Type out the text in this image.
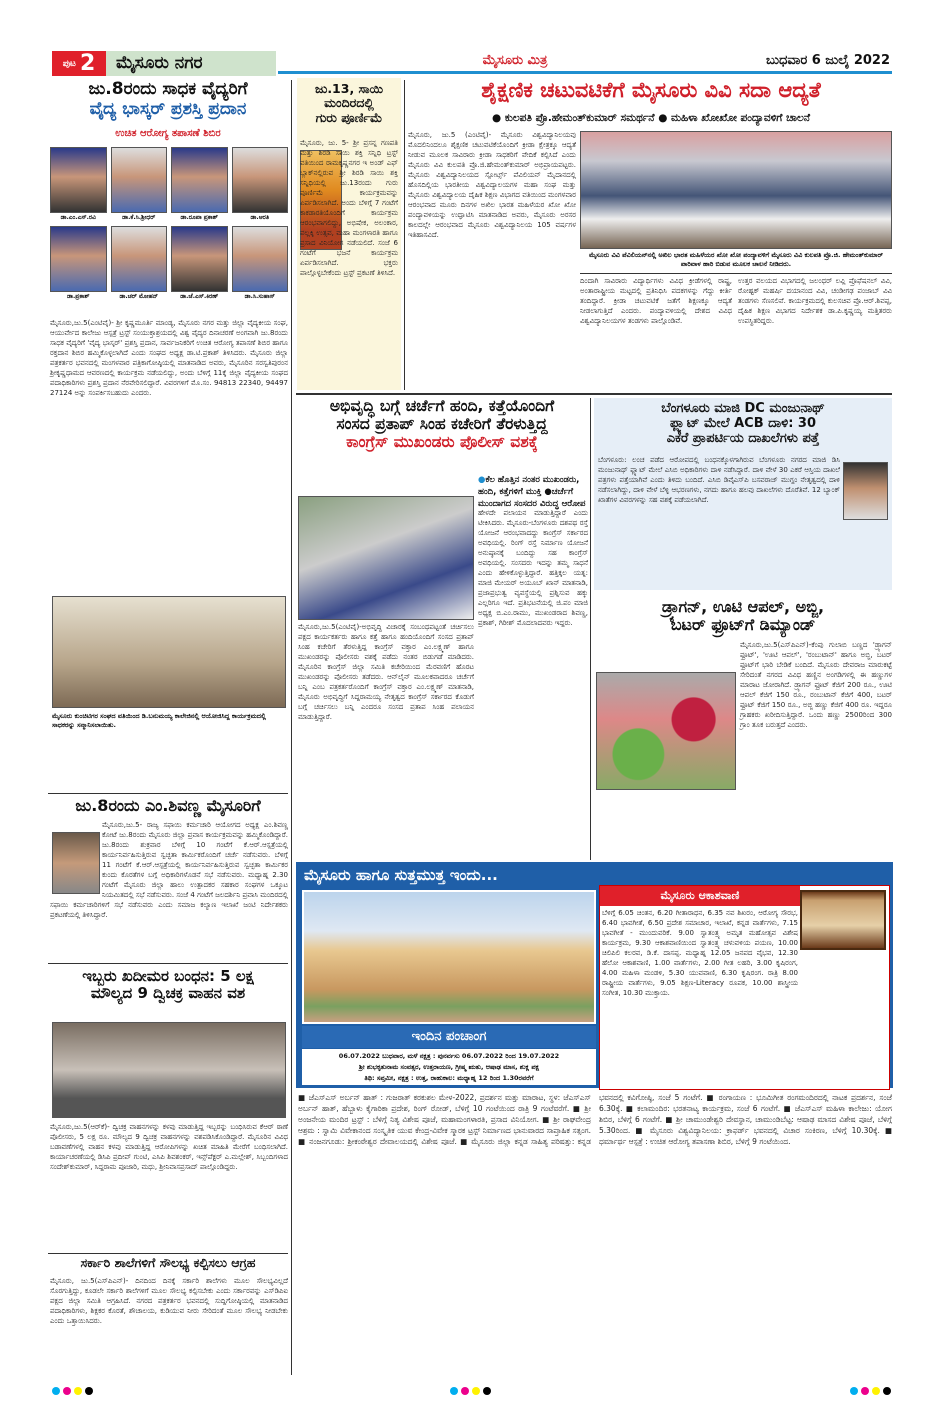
ಪುಟ 2	ಮೈಸೂರು ನಗರ	ಮೈಸೂರು ಮಿತ್ರ	ಬುಧವಾರ 6 ಜುಲೈ 2022
ಜು.8ರಂದು ಸಾಧಕ ವೈದ್ಯರಿಗೆ
ವೈದ್ಯ ಭಾಸ್ಕರ್ ಪ್ರಶಸ್ತಿ ಪ್ರದಾನ
ಉಚಿತ ಆರೋಗ್ಯ ತಪಾಸಣೆ ಶಿಬಿರ
ಡಾ.ಎಂ.ಎಸ್.ರವಿ	ಡಾ.ಕೆ.ಸಿ.ಶ್ರೀಧರ್	ಡಾ.ರೂಪಾ ಪ್ರಕಾಶ್	ಡಾ.ಆರತಿ
ಡಾ.ಪ್ರಕಾಶ್	ಡಾ.ಚರ್ ಮೋಹನ್	ಡಾ.ಜೆ.ಎಸ್.ಕಿರಣ್	ಡಾ.ಸಿ.ಸುಹಾಸ್
ಮೈಸೂರು,ಜು.5(ಎಂಟಿವೈ)- ಶ್ರೀ ಕೃಷ್ಣಮೂರ್ತಿ ಮಾಂಡ್ಯ, ಮೈಸೂರು ನಗರ ಮತ್ತು ಜಿಲ್ಲಾ ವೈದ್ಯಕೀಯ ಸಂಘ, ಆಯುರ್ವೇದ ಕಾಲೇಜು ಆಸ್ಪತ್ರೆ ಟ್ರಸ್ಟ್ ಸಂಯುಕ್ತಾಶ್ರಯದಲ್ಲಿ ವಿಶ್ವ ವೈದ್ಯರ ದಿನಾಚರಣೆ ಅಂಗವಾಗಿ ಜು.8ರಂದು ಸಾಧಕ ವೈದ್ಯರಿಗೆ 'ವೈದ್ಯ ಭಾಸ್ಕರ್' ಪ್ರಶಸ್ತಿ ಪ್ರದಾನ, ಸಾರ್ವಜನಿಕರಿಗೆ ಉಚಿತ ಆರೋಗ್ಯ ತಪಾಸಣೆ ಶಿಬಿರ ಹಾಗೂ ರಕ್ತದಾನ ಶಿಬಿರ ಹಮ್ಮಿಕೊಳ್ಳಲಾಗಿದೆ ಎಂದು ಸಂಘದ ಅಧ್ಯಕ್ಷ ಡಾ.ಟಿ.ಪ್ರಕಾಶ್ ತಿಳಿಸಿದರು. ಮೈಸೂರು ಜಿಲ್ಲಾ ಪತ್ರಕರ್ತರ ಭವನದಲ್ಲಿ ಮಂಗಳವಾರ ಪತ್ರಿಕಾಗೋಷ್ಠಿಯಲ್ಲಿ ಮಾತನಾಡಿದ ಅವರು, ಮೈಸೂರಿನ ಸರಸ್ವತಿಪುರಂನ ಶ್ರೀಕೃಷ್ಣಧಾಮದ ಆವರಣದಲ್ಲಿ ಕಾರ್ಯಕ್ರಮ ನಡೆಯಲಿದ್ದು, ಅಂದು ಬೆಳಿಗ್ಗೆ 11ಕ್ಕೆ ಜಿಲ್ಲಾ ವೈದ್ಯಕೀಯ ಸಂಘದ ಪದಾಧಿಕಾರಿಗಳು ಪ್ರಶಸ್ತಿ ಪ್ರದಾನ ನೆರವೇರಿಸಲಿದ್ದಾರೆ. ವಿವರಗಳಿಗೆ ಮೊ.ಸಂ. 94813 22340, 94497 27124 ಅನ್ನು ಸಂಪರ್ಕಿಸಬಹುದು ಎಂದರು.
ಮೈಸೂರು ಕುಂಚಿಟಿಗರ ಸಂಘದ ವತಿಯಿಂದ ಡಿ.ಬನುಮಯ್ಯ ಕಾಲೇಜಿನಲ್ಲಿ ಆಯೋಜಿಸಿದ್ದ ಕಾರ್ಯಕ್ರಮದಲ್ಲಿ ಸಾಧಕರನ್ನು ಸನ್ಮಾನಿಸಲಾಯಿತು.
ಜು.8ರಂದು ಎಂ.ಶಿವಣ್ಣ ಮೈಸೂರಿಗೆ
ಮೈಸೂರು,ಜು.5- ರಾಜ್ಯ ಸಫಾಯಿ ಕರ್ಮಚಾರಿ ಆಯೋಗದ ಅಧ್ಯಕ್ಷ ಎಂ.ಶಿವಣ್ಣ ಕೋಟೆ ಜು.8ರಂದು ಮೈಸೂರು ಜಿಲ್ಲಾ ಪ್ರವಾಸ ಕಾರ್ಯಕ್ರಮವನ್ನು ಹಮ್ಮಿಕೊಂಡಿದ್ದಾರೆ. ಜು.8ರಂದು ಶುಕ್ರವಾರ ಬೆಳಿಗ್ಗೆ 10 ಗಂಟೆಗೆ ಕೆ.ಆರ್.ಆಸ್ಪತ್ರೆಯಲ್ಲಿ ಕಾರ್ಯನಿರ್ವಹಿಸುತ್ತಿರುವ ಸ್ವಚ್ಛತಾ ಕಾರ್ಮಿಕರೊಂದಿಗೆ ಚರ್ಚೆ ನಡೆಸುವರು. ಬೆಳಿಗ್ಗೆ 11 ಗಂಟೆಗೆ ಕೆ.ಆರ್.ಆಸ್ಪತ್ರೆಯಲ್ಲಿ ಕಾರ್ಯನಿರ್ವಹಿಸುತ್ತಿರುವ ಸ್ವಚ್ಛತಾ ಕಾರ್ಮಿಕರ ಕುಂದು ಕೊರತೆಗಳ ಬಗ್ಗೆ ಅಧಿಕಾರಿಗಳೊಡನೆ ಸಭೆ ನಡೆಸುವರು. ಮಧ್ಯಾಹ್ನ 2.30 ಗಂಟೆಗೆ ಮೈಸೂರು ಜಿಲ್ಲಾ ಹಾಲು ಉತ್ಪಾದಕರ ಸಹಕಾರ ಸಂಘಗಳ ಒಕ್ಕೂಟ ನಿಯಮಿತದಲ್ಲಿ ಸಭೆ ನಡೆಸುವರು. ಸಂಜೆ 4 ಗಂಟೆಗೆ ಜಲದರ್ಶಿನಿ ಪ್ರವಾಸಿ ಮಂದಿರದಲ್ಲಿ ಸಫಾಯಿ ಕರ್ಮಚಾರಿಗಳಿಗೆ ಸಭೆ ನಡೆಸುವರು ಎಂದು ಸಮಾಜ ಕಲ್ಯಾಣ ಇಲಾಖೆ ಜಂಟಿ ನಿರ್ದೇಶಕರು ಪ್ರಕಟಣೆಯಲ್ಲಿ ತಿಳಿಸಿದ್ದಾರೆ.
ಇಬ್ಬರು ಖದೀಮರ ಬಂಧನ: 5 ಲಕ್ಷ
ಮೌಲ್ಯದ 9 ದ್ವಿಚಕ್ರ ವಾಹನ ವಶ
ಮೈಸೂರು,ಜು.5(ಆರ್‌ಕೆ)- ದ್ವಿಚಕ್ರ ವಾಹನಗಳನ್ನು ಕಳವು ಮಾಡುತ್ತಿದ್ದ ಇಬ್ಬರನ್ನು ಬಂಧಿಸಿರುವ ಕೆಆರ್ ಠಾಣೆ ಪೊಲೀಸರು, 5 ಲಕ್ಷ ರೂ. ಮೌಲ್ಯದ 9 ದ್ವಿಚಕ್ರ ವಾಹನಗಳನ್ನು ವಶಪಡಿಸಿಕೊಂಡಿದ್ದಾರೆ. ಮೈಸೂರಿನ ವಿವಿಧ ಬಡಾವಣೆಗಳಲ್ಲಿ ವಾಹನ ಕಳವು ಮಾಡುತ್ತಿದ್ದ ಆರೋಪಿಗಳನ್ನು ಖಚಿತ ಮಾಹಿತಿ ಮೇರೆಗೆ ಬಂಧಿಸಲಾಗಿದೆ. ಕಾರ್ಯಾಚರಣೆಯಲ್ಲಿ ಡಿಸಿಪಿ ಪ್ರದೀಪ್ ಗುಂಟಿ, ಎಸಿಪಿ ಶಿವಶಂಕರ್, ಇನ್ಸ್‌ಪೆಕ್ಟರ್ ಎ.ಮಲ್ಲೇಶ್, ಸಿಬ್ಬಂದಿಗಳಾದ ಸಂದೇಶ್‌ಕುಮಾರ್, ಸಿದ್ದರಾಮ ಪೂಜಾರಿ, ಮಧು, ಶ್ರೀನಿವಾಸಪ್ರಸಾದ್ ಪಾಲ್ಗೊಂಡಿದ್ದರು.
ಸರ್ಕಾರಿ ಶಾಲೆಗಳಿಗೆ ಸೌಲಭ್ಯ ಕಲ್ಪಿಸಲು ಆಗ್ರಹ
ಮೈಸೂರು, ಜು.5(ಎಸ್‌ಪಿಎನ್)- ದಿನದಿಂದ ದಿನಕ್ಕೆ ಸರ್ಕಾರಿ ಶಾಲೆಗಳು ಮೂಲ ಸೌಲಭ್ಯವಿಲ್ಲದೆ ಸೊರಗುತ್ತಿದ್ದು, ಕೂಡಲೇ ಸರ್ಕಾರಿ ಶಾಲೆಗಳಿಗೆ ಮೂಲ ಸೌಲಭ್ಯ ಕಲ್ಪಿಸಬೇಕು ಎಂದು ಸರ್ಕಾರವನ್ನು ಎಸ್‌ಡಿಪಿಐ ಪಕ್ಷದ ಜಿಲ್ಲಾ ಸಮಿತಿ ಆಗ್ರಹಿಸಿದೆ. ನಗರದ ಪತ್ರಕರ್ತರ ಭವನದಲ್ಲಿ ಸುದ್ದಿಗೋಷ್ಠಿಯಲ್ಲಿ ಮಾತನಾಡಿದ ಪದಾಧಿಕಾರಿಗಳು, ಶಿಕ್ಷಕರ ಕೊರತೆ, ಶೌಚಾಲಯ, ಕುಡಿಯುವ ನೀರು ಸೇರಿದಂತೆ ಮೂಲ ಸೌಲಭ್ಯ ನೀಡಬೇಕು ಎಂದು ಒತ್ತಾಯಿಸಿದರು.
ಜು.13, ಸಾಯಿ
ಮಂದಿರದಲ್ಲಿ
ಗುರು ಪೂರ್ಣಿಮೆ
ಮೈಸೂರು, ಜು. 5- ಶ್ರೀ ಪ್ರಸನ್ನ ಗಣಪತಿ ಮತ್ತು ಶಿರಡಿ ಸಾಯಿ ಶಕ್ತಿ ಸನ್ನಿಧಿ ಟ್ರಸ್ಟ್ ವತಿಯಿಂದ ರಾಮಕೃಷ್ಣನಗರ ಇ ಅಂಡ್ ಎಫ್ ಬ್ಲಾಕ್‌ನಲ್ಲಿರುವ ಶ್ರೀ ಶಿರಡಿ ಸಾಯಿ ಶಕ್ತಿ ಸನ್ನಿಧಿಯಲ್ಲಿ ಜು.13ರಂದು ಗುರು ಪೂರ್ಣಿಮೆ ಕಾರ್ಯಕ್ರಮವನ್ನು ಏರ್ಪಡಿಸಲಾಗಿದೆ. ಅಂದು ಬೆಳಿಗ್ಗೆ 7 ಗಂಟೆಗೆ ಕಾಕಡಾರತಿಯೊಂದಿಗೆ ಕಾರ್ಯಕ್ರಮ ಆರಂಭವಾಗಲಿದ್ದು, ಅಭಿಷೇಕ, ಅಲಂಕಾರ, ಪಲ್ಲಕ್ಕಿ ಉತ್ಸವ, ಮಹಾ ಮಂಗಳಾರತಿ ಹಾಗೂ ಪ್ರಸಾದ ವಿನಿಯೋಗ ನಡೆಯಲಿದೆ. ಸಂಜೆ 6 ಗಂಟೆಗೆ ಭಜನೆ ಕಾರ್ಯಕ್ರಮ ಏರ್ಪಡಿಸಲಾಗಿದೆ. ಭಕ್ತರು ಪಾಲ್ಗೊಳ್ಳಬೇಕೆಂದು ಟ್ರಸ್ಟ್ ಪ್ರಕಟಣೆ ತಿಳಿಸಿದೆ.
ಶೈಕ್ಷಣಿಕ ಚಟುವಟಿಕೆಗೆ ಮೈಸೂರು ವಿವಿ ಸದಾ ಆದ್ಯತೆ
● ಕುಲಪತಿ ಪ್ರೊ.ಹೇಮಂತ್‌ಕುಮಾರ್ ಸಮರ್ಥನೆ ● ಮಹಿಳಾ ಖೋಖೋ ಪಂದ್ಯಾವಳಿಗೆ ಚಾಲನೆ
ಮೈಸೂರು, ಜು.5 (ಎಂಟಿವೈ)- ಮೈಸೂರು ವಿಶ್ವವಿದ್ಯಾನಿಲಯವು ಮೊದಲಿನಿಂದಲೂ ಶೈಕ್ಷಣಿಕ ಚಟುವಟಿಕೆಯೊಂದಿಗೆ ಕ್ರೀಡಾ ಕ್ಷೇತ್ರಕ್ಕೂ ಆದ್ಯತೆ ನೀಡುವ ಮೂಲಕ ಸಾವಿರಾರು ಕ್ರೀಡಾ ಸಾಧಕರಿಗೆ ವೇದಿಕೆ ಕಲ್ಪಿಸಿದೆ ಎಂದು ಮೈಸೂರು ವಿವಿ ಕುಲಪತಿ ಪ್ರೊ.ಜಿ.ಹೇಮಂತ್‌ಕುಮಾರ್ ಅಭಿಪ್ರಾಯಪಟ್ಟರು. ಮೈಸೂರು ವಿಶ್ವವಿದ್ಯಾನಿಲಯದ ಸ್ಪೋರ್ಟ್ಸ್ ಪೆವಿಲಿಯನ್ ಮೈದಾನದಲ್ಲಿ ಹೊಸದಿಲ್ಲಿಯ ಭಾರತೀಯ ವಿಶ್ವವಿದ್ಯಾಲಯಗಳ ಮಹಾ ಸಂಘ ಮತ್ತು ಮೈಸೂರು ವಿಶ್ವವಿದ್ಯಾಲಯ ದೈಹಿಕ ಶಿಕ್ಷಣ ವಿಭಾಗದ ವತಿಯಿಂದ ಮಂಗಳವಾರ ಆರಂಭವಾದ ಮೂರು ದಿನಗಳ ಅಖಿಲ ಭಾರತ ಮಹಿಳೆಯರ ಖೋ ಖೋ ಪಂದ್ಯಾವಳಿಯನ್ನು ಉದ್ಘಾಟಿಸಿ ಮಾತನಾಡಿದ ಅವರು, ಮೈಸೂರು ಅರಸರ ಕಾಲದಲ್ಲೇ ಆರಂಭವಾದ ಮೈಸೂರು ವಿಶ್ವವಿದ್ಯಾನಿಲಯ 105 ವರ್ಷಗಳ ಇತಿಹಾಸವಿದೆ.
ಮೈಸೂರು ವಿವಿ ಪೆವಿಲಿಯನ್‌ನಲ್ಲಿ ಅಖಿಲ ಭಾರತ ಮಹಿಳೆಯರ ಖೋ ಖೋ ಪಂದ್ಯಾವಳಿಗೆ ಮೈಸೂರು ವಿವಿ ಕುಲಪತಿ ಪ್ರೊ.ಜಿ. ಹೇಮಂತ್‌ಕುಮಾರ್ ಪಾರಿವಾಳ ಹಾರಿ ಬಿಡುವ ಮೂಲಕ ಚಾಲನೆ ನೀಡಿದರು.
ದಿಂದಾಗಿ ಸಾವಿರಾರು ವಿದ್ಯಾರ್ಥಿಗಳು ವಿವಿಧ ಕ್ರೀಡೆಗಳಲ್ಲಿ ರಾಷ್ಟ್ರ, ಅಂತಾರಾಷ್ಟ್ರೀಯ ಮಟ್ಟದಲ್ಲಿ ಪ್ರತಿನಿಧಿಸಿ ಪದಕಗಳನ್ನು ಗೆದ್ದು ಕೀರ್ತಿ ತಂದಿದ್ದಾರೆ. ಕ್ರೀಡಾ ಚಟುವಟಿಕೆ ಜತೆಗೆ ಶಿಕ್ಷಣಕ್ಕೂ ಆದ್ಯತೆ ನೀಡಲಾಗುತ್ತಿದೆ ಎಂದರು. ಪಂದ್ಯಾವಳಿಯಲ್ಲಿ ದೇಶದ ವಿವಿಧ ವಿಶ್ವವಿದ್ಯಾನಿಲಯಗಳ ತಂಡಗಳು ಪಾಲ್ಗೊಂಡಿವೆ.
ಉತ್ತರ ವಲಯದ ವಿಭಾಗದಲ್ಲಿ ಜಲಂಧರ್ ಲವ್ಲಿ ಪ್ರೊಫೆಷನಲ್ ವಿವಿ, ರೋಹ್ಟಕ್ ಮಹರ್ಷಿ ದಯಾನಂದ ವಿವಿ, ಚಂಡೀಗಢ ಪಂಜಾಬ್ ವಿವಿ ತಂಡಗಳು ಸೆಣಸಲಿವೆ. ಕಾರ್ಯಕ್ರಮದಲ್ಲಿ ಕುಲಸಚಿವ ಪ್ರೊ.ಆರ್.ಶಿವಪ್ಪ, ದೈಹಿಕ ಶಿಕ್ಷಣ ವಿಭಾಗದ ನಿರ್ದೇಶಕ ಡಾ.ಪಿ.ಕೃಷ್ಣಯ್ಯ ಮತ್ತಿತರರು ಉಪಸ್ಥಿತರಿದ್ದರು.
ಅಭಿವೃದ್ಧಿ ಬಗ್ಗೆ ಚರ್ಚೆಗೆ ಹಂದಿ, ಕತ್ತೆಯೊಂದಿಗೆ
ಸಂಸದ ಪ್ರತಾಪ್ ಸಿಂಹ ಕಚೇರಿಗೆ ತೆರಳುತ್ತಿದ್ದ
ಕಾಂಗ್ರೆಸ್ ಮುಖಂಡರು ಪೊಲೀಸ್ ವಶಕ್ಕೆ
●ಕೆಲ ಹೊತ್ತಿನ ನಂತರ ಮುಖಂಡರು, ಹಂದಿ, ಕತ್ತೆಗಳಿಗೆ ಮುಕ್ತಿ ●ಚರ್ಚೆಗೆ ಮುಂದಾಗದ ಸಂಸದರ ವಿರುದ್ಧ ಆರೋಪ
ಮೈಸೂರು,ಜು.5(ಎಂಟಿವೈ)-ಅಭಿವೃದ್ಧಿ ವಿಚಾರಕ್ಕೆ ಸಂಬಂಧಪಟ್ಟಂತೆ ಚರ್ಚಿಸಲು ಪಕ್ಷದ ಕಾರ್ಯಕರ್ತರು ಹಾಗೂ ಕತ್ತೆ ಹಾಗೂ ಹಂದಿಯೊಂದಿಗೆ ಸಂಸದ ಪ್ರತಾಪ್ ಸಿಂಹ ಕಚೇರಿಗೆ ತೆರಳುತ್ತಿದ್ದ ಕಾಂಗ್ರೆಸ್ ವಕ್ತಾರ ಎಂ.ಲಕ್ಷ್ಮಣ್ ಹಾಗೂ ಮುಖಂಡರನ್ನು ಪೊಲೀಸರು ವಶಕ್ಕೆ ಪಡೆದು ನಂತರ ಬಿಡುಗಡೆ ಮಾಡಿದರು. ಮೈಸೂರಿನ ಕಾಂಗ್ರೆಸ್ ಜಿಲ್ಲಾ ಸಮಿತಿ ಕಚೇರಿಯಿಂದ ಮೆರವಣಿಗೆ ಹೊರಟ ಮುಖಂಡರನ್ನು ಪೊಲೀಸರು ತಡೆದರು. ಆನ್‌ಲೈನ್ ಮೂಲಕವಾದರೂ ಚರ್ಚೆಗೆ ಬನ್ನಿ ಎಂಬ ಪತ್ರಕರ್ತರೊಂದಿಗೆ ಕಾಂಗ್ರೆಸ್ ವಕ್ತಾರ ಎಂ.ಲಕ್ಷ್ಮಣ್ ಮಾತನಾಡಿ, ಮೈಸೂರು ಅಭಿವೃದ್ಧಿಗೆ ಸಿದ್ದರಾಮಯ್ಯ ನೇತೃತ್ವದ ಕಾಂಗ್ರೆಸ್ ಸರ್ಕಾರದ ಕೊಡುಗೆ ಬಗ್ಗೆ ಚರ್ಚಿಸಲು ಬನ್ನಿ ಎಂದರೂ ಸಂಸದ ಪ್ರತಾಪ ಸಿಂಹ ಪಲಾಯನ ಮಾಡುತ್ತಿದ್ದಾರೆ.
ಹೇಳದೇ ಪಲಾಯನ ಮಾಡುತ್ತಿದ್ದಾರೆ ಎಂದು ಟೀಕಿಸಿದರು. ಮೈಸೂರು-ಬೆಂಗಳೂರು ದಶಪಥ ರಸ್ತೆ ಯೋಜನೆ ಆರಂಭವಾದದ್ದು ಕಾಂಗ್ರೆಸ್ ಸರ್ಕಾರದ ಅವಧಿಯಲ್ಲಿ. ರಿಂಗ್ ರಸ್ತೆ ನಿರ್ಮಾಣ ಯೋಜನೆ ಅನುಷ್ಠಾನಕ್ಕೆ ಬಂದಿದ್ದು ಸಹ ಕಾಂಗ್ರೆಸ್ ಅವಧಿಯಲ್ಲಿ. ಸಂಸದರು ಇದನ್ನು ತಮ್ಮ ಸಾಧನೆ ಎಂದು ಹೇಳಿಕೊಳ್ಳುತ್ತಿದ್ದಾರೆ. ಹತ್ತಿಕ್ಕಲ ಯತ್ನ: ಮಾಜಿ ಮೇಯರ್ ಅಯೂಬ್ ಖಾನ್ ಮಾತನಾಡಿ, ಪ್ರಜಾಪ್ರಭುತ್ವ ವ್ಯವಸ್ಥೆಯಲ್ಲಿ ಪ್ರಶ್ನಿಸುವ ಹಕ್ಕು ಎಲ್ಲರಿಗೂ ಇದೆ. ಪ್ರತಿಭಟನೆಯಲ್ಲಿ ಜಿ.ಪಂ ಮಾಜಿ ಅಧ್ಯಕ್ಷ ಬಿ.ಎಂ.ರಾಮು, ಮುಖಂಡರಾದ ಶಿವಣ್ಣ, ಪ್ರಕಾಶ್, ಗಿರೀಶ್ ಮೊದಲಾದವರು ಇದ್ದರು.
ಬೆಂಗಳೂರು ಮಾಜಿ DC ಮಂಜುನಾಥ್
ಫ್ಲ್ಯಾಟ್ ಮೇಲೆ ACB ದಾಳಿ: 30
ಎಕರೆ ಪ್ರಾಪರ್ಟಿಯ ದಾಖಲೆಗಳು ಪತ್ತೆ
ಬೆಂಗಳೂರು: ಲಂಚ ಪಡೆದ ಆರೋಪದಲ್ಲಿ ಬಂಧನಕ್ಕೊಳಗಾಗಿರುವ ಬೆಂಗಳೂರು ನಗರದ ಮಾಜಿ ಡಿಸಿ ಮಂಜುನಾಥ್ ಫ್ಲ್ಯಾಟ್ ಮೇಲೆ ಎಸಿಬಿ ಅಧಿಕಾರಿಗಳು ದಾಳಿ ನಡೆಸಿದ್ದಾರೆ. ದಾಳಿ ವೇಳೆ 30 ಎಕರೆ ಆಸ್ತಿಯ ದಾಖಲೆ ಪತ್ರಗಳು ಪತ್ತೆಯಾಗಿವೆ ಎಂದು ತಿಳಿದು ಬಂದಿದೆ. ಎಸಿಬಿ ಡಿವೈಎಸ್‌ಪಿ ಬಸವರಾಜ್ ಮುಗ್ದಂ ನೇತೃತ್ವದಲ್ಲಿ ದಾಳಿ ನಡೆಸಲಾಗಿದ್ದು, ದಾಳಿ ವೇಳೆ ಬೆಳ್ಳಿ ಆಭರಣಗಳು, ನಗದು ಹಾಗೂ ಹಲವು ದಾಖಲೆಗಳು ದೊರೆತಿವೆ. 12 ಬ್ಯಾಂಕ್ ಖಾತೆಗಳ ವಿವರಗಳನ್ನು ಸಹ ವಶಕ್ಕೆ ಪಡೆಯಲಾಗಿದೆ.
ಡ್ರ್ಯಾಗನ್, ಊಟಿ ಆಪಲ್, ಅಬ್ಜಿ,
ಬಟರ್ ಫ್ರೂಟ್‌ಗೆ ಡಿಮ್ಯಾಂಡ್
ಮೈಸೂರು,ಜು.5(ಎಸ್‌ಪಿಎನ್)-ಕೆಂಪು ಗುಲಾಬಿ ಬಣ್ಣದ 'ಡ್ರ್ಯಾಗನ್ ಫ್ರೂಟ್', 'ಊಟಿ ಆಪಲ್', 'ರಂಬುಟಾನ್' ಹಾಗೂ ಅಬ್ಜಿ, ಬಟರ್ ಫ್ರೂಟ್‌ಗೆ ಭಾರಿ ಬೇಡಿಕೆ ಬಂದಿದೆ. ಮೈಸೂರು ದೇವರಾಜ ಮಾರುಕಟ್ಟೆ ಸೇರಿದಂತೆ ನಗರದ ವಿವಿಧ ಹಣ್ಣಿನ ಅಂಗಡಿಗಳಲ್ಲಿ ಈ ಹಣ್ಣುಗಳ ಮಾರಾಟ ಜೋರಾಗಿದೆ. ಡ್ರ್ಯಾಗನ್ ಫ್ರೂಟ್ ಕೆಜಿಗೆ 200 ರೂ., ಊಟಿ ಆಪಲ್ ಕೆಜಿಗೆ 150 ರೂ., ರಂಬುಟಾನ್ ಕೆಜಿಗೆ 400, ಬಟರ್ ಫ್ರೂಟ್ ಕೆಜಿಗೆ 150 ರೂ., ಅಬ್ಜಿ ಹಣ್ಣು ಕೆಜಿಗೆ 400 ರೂ. ಇದ್ದರೂ ಗ್ರಾಹಕರು ಖರೀದಿಸುತ್ತಿದ್ದಾರೆ. ಒಂದು ಹಣ್ಣು 2500ರಿಂದ 300 ಗ್ರಾಂ ತೂಕ ಬರುತ್ತದೆ ಎಂದರು.
ಮೈಸೂರು ಹಾಗೂ ಸುತ್ತಮುತ್ತ ಇಂದು...
ಇಂದಿನ ಪಂಚಾಂಗ
06.07.2022 ಬುಧವಾರ, ಮಳೆ ನಕ್ಷತ್ರ : ಪುನರ್ವಸು 06.07.2022 ರಿಂದ 19.07.2022
ಶ್ರೀ ಶುಭಕೃತುನಾಮ ಸಂವತ್ಸರ, ಉತ್ತರಾಯಣ, ಗ್ರೀಷ್ಮ ಋತು, ಆಷಾಢ ಮಾಸ, ಶುಕ್ಲ ಪಕ್ಷ
ತಿಥಿ: ಸಪ್ತಮೀ, ನಕ್ಷತ್ರ : ಉತ್ತ, ರಾಹುಕಾಲ: ಮಧ್ಯಾಹ್ನ 12 ರಿಂದ 1.30ರವರೆಗೆ
ಮೈಸೂರು ಆಕಾಶವಾಣಿ
ಬೆಳಿಗ್ಗೆ 6.05 ಚಿಂತನ, 6.20 ಗೀತಾರಾಧನ, 6.35 ನವ ಶಿಖರಂ, ಆರೋಗ್ಯ ಸೌರಭ, 6.40 ಭಾವಗೀತೆ, 6.50 ಪ್ರದೇಶ ಸಮಾಚಾರ, ಇಲಾಖೆ, ಕನ್ನಡ ವಾರ್ತೆಗಳು, 7.15 ಭಾವಗೀತೆ - ಮುಂದುವರಿಕೆ. 9.00 ಸ್ವಾತಂತ್ರ್ಯ ಅಮೃತ ಮಹೋತ್ಸವ ವಿಶೇಷ ಕಾರ್ಯಕ್ರಮ, 9.30 ಆಕಾಶವಾಣಿಯಿಂದ ಸ್ವಾತಂತ್ರ್ಯ ಚಳುವಳಿಯ ಪಯಣ, 10.00 ಚಿಲಿಪಿಲಿ ಕಲರವ, ಡಿ.ಕೆ. ದಾಸಪ್ಪ. ಮಧ್ಯಾಹ್ನ 12.05 ಜನಪದ ವೈಭವ, 12.30 ಹೆಲೋ ಆಕಾಶವಾಣಿ, 1.00 ವಾರ್ತೆಗಳು, 2.00 ಗೀತ ಲಹರಿ, 3.00 ಕೃಷಿರಂಗ, 4.00 ಮಹಿಳಾ ಮಂಡಳಿ, 5.30 ಯುವವಾಣಿ, 6.30 ಕೃಷಿರಂಗ. ರಾತ್ರಿ 8.00 ರಾಷ್ಟ್ರೀಯ ವಾರ್ತೆಗಳು, 9.05 ಶಿಕ್ಷಣ-Literacy ರೂಪಕ, 10.00 ಶಾಸ್ತ್ರೀಯ ಸಂಗೀತ, 10.30 ಮುಕ್ತಾಯ.
■ ಜೆಎಸ್‌ಎಸ್ ಅರ್ಬನ್ ಹಾತ್ : ಗುಜರಾತ್ ಕರಕುಶಲ ಮೇಳ-2022, ಪ್ರದರ್ಶನ ಮತ್ತು ಮಾರಾಟ, ಸ್ಥಳ: ಜೆಎಸ್‌ಎಸ್ ಅರ್ಬನ್ ಹಾತ್, ಹೆಬ್ಬಾಳು ಕೈಗಾರಿಕಾ ಪ್ರದೇಶ, ರಿಂಗ್ ರೋಡ್, ಬೆಳಿಗ್ಗೆ 10 ಗಂಟೆಯಿಂದ ರಾತ್ರಿ 9 ಗಂಟೆವರೆಗೆ. ■ ಶ್ರೀ ಅಂಜನೇಯ ಮಂದಿರ ಟ್ರಸ್ಟ್ : ಬೆಳಿಗ್ಗೆ ನಿತ್ಯ ವಿಶೇಷ ಪೂಜೆ, ಮಹಾಮಂಗಳಾರತಿ, ಪ್ರಸಾದ ವಿನಿಯೋಗ. ■ ಶ್ರೀ ರಾಘವೇಂದ್ರ ಆಶ್ರಮ : ಸ್ವಾಮಿ ವಿವೇಕಾನಂದ ಸಂಸ್ಕೃತಿಕ ಯುವ ಕೇಂದ್ರ-ವಿವೇಕ ಸ್ಮಾರಕ ಟ್ರಸ್ಟ್ ನಿರ್ಮಾಣದ ಭಾನುವಾರದ ಸಾಪ್ತಾಹಿಕ ಸತ್ಸಂಗ. ■ ನಂಜನಗೂಡು: ಶ್ರೀಕಂಠೇಶ್ವರ ದೇವಾಲಯದಲ್ಲಿ ವಿಶೇಷ ಪೂಜೆ. ■ ಮೈಸೂರು ಜಿಲ್ಲಾ ಕನ್ನಡ ಸಾಹಿತ್ಯ ಪರಿಷತ್ತು: ಕನ್ನಡ ಭವನದಲ್ಲಿ ಕವಿಗೋಷ್ಠಿ, ಸಂಜೆ 5 ಗಂಟೆಗೆ. ■ ರಂಗಾಯಣ : ಭೂಮಿಗೀತ ರಂಗಮಂದಿರದಲ್ಲಿ ನಾಟಕ ಪ್ರದರ್ಶನ, ಸಂಜೆ 6.30ಕ್ಕೆ. ■ ಕಲಾಮಂದಿರ: ಭರತನಾಟ್ಯ ಕಾರ್ಯಕ್ರಮ, ಸಂಜೆ 6 ಗಂಟೆಗೆ. ■ ಜೆಎಸ್‌ಎಸ್ ಮಹಿಳಾ ಕಾಲೇಜು: ಯೋಗ ಶಿಬಿರ, ಬೆಳಿಗ್ಗೆ 6 ಗಂಟೆಗೆ. ■ ಶ್ರೀ ಚಾಮುಂಡೇಶ್ವರಿ ದೇವಸ್ಥಾನ, ಚಾಮುಂಡಿಬೆಟ್ಟ: ಆಷಾಢ ಮಾಸದ ವಿಶೇಷ ಪೂಜೆ, ಬೆಳಿಗ್ಗೆ 5.30ರಿಂದ. ■ ಮೈಸೂರು ವಿಶ್ವವಿದ್ಯಾನಿಲಯ: ಕ್ರಾಫರ್ಡ್ ಭವನದಲ್ಲಿ ವಿಚಾರ ಸಂಕಿರಣ, ಬೆಳಿಗ್ಗೆ 10.30ಕ್ಕೆ. ■ ಧರ್ಮಾರ್ಥ ಆಸ್ಪತ್ರೆ : ಉಚಿತ ಆರೋಗ್ಯ ತಪಾಸಣಾ ಶಿಬಿರ, ಬೆಳಿಗ್ಗೆ 9 ಗಂಟೆಯಿಂದ.
